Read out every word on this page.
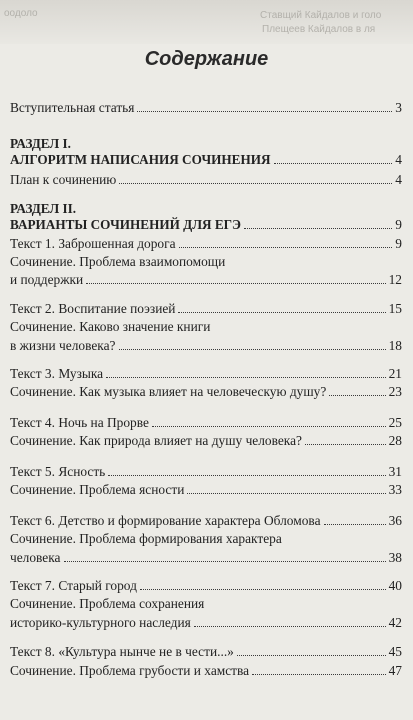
оодоло	Ставщий Кайдалов и голо
Плещеев Кайдалов в ля
Содержание
Вступительная статья	3
РАЗДЕЛ I.
АЛГОРИТМ НАПИСАНИЯ СОЧИНЕНИЯ	4
План к сочинению	4
РАЗДЕЛ II.
ВАРИАНТЫ СОЧИНЕНИЙ ДЛЯ ЕГЭ	9
Текст 1. Заброшенная дорога	9
Сочинение. Проблема взаимопомощи
и поддержки	12
Текст 2. Воспитание поэзией	15
Сочинение. Каково значение книги
в жизни человека?	18
Текст 3. Музыка	21
Сочинение. Как музыка влияет на человеческую душу?	23
Текст 4. Ночь на Прорве	25
Сочинение. Как природа влияет на душу человека?	28
Текст 5. Ясность	31
Сочинение. Проблема ясности	33
Текст 6. Детство и формирование характера Обломова	36
Сочинение. Проблема формирования характера
человека	38
Текст 7. Старый город	40
Сочинение. Проблема сохранения
историко-культурного наследия	42
Текст 8. «Культура нынче не в чести...»	45
Сочинение. Проблема грубости и хамства	47
